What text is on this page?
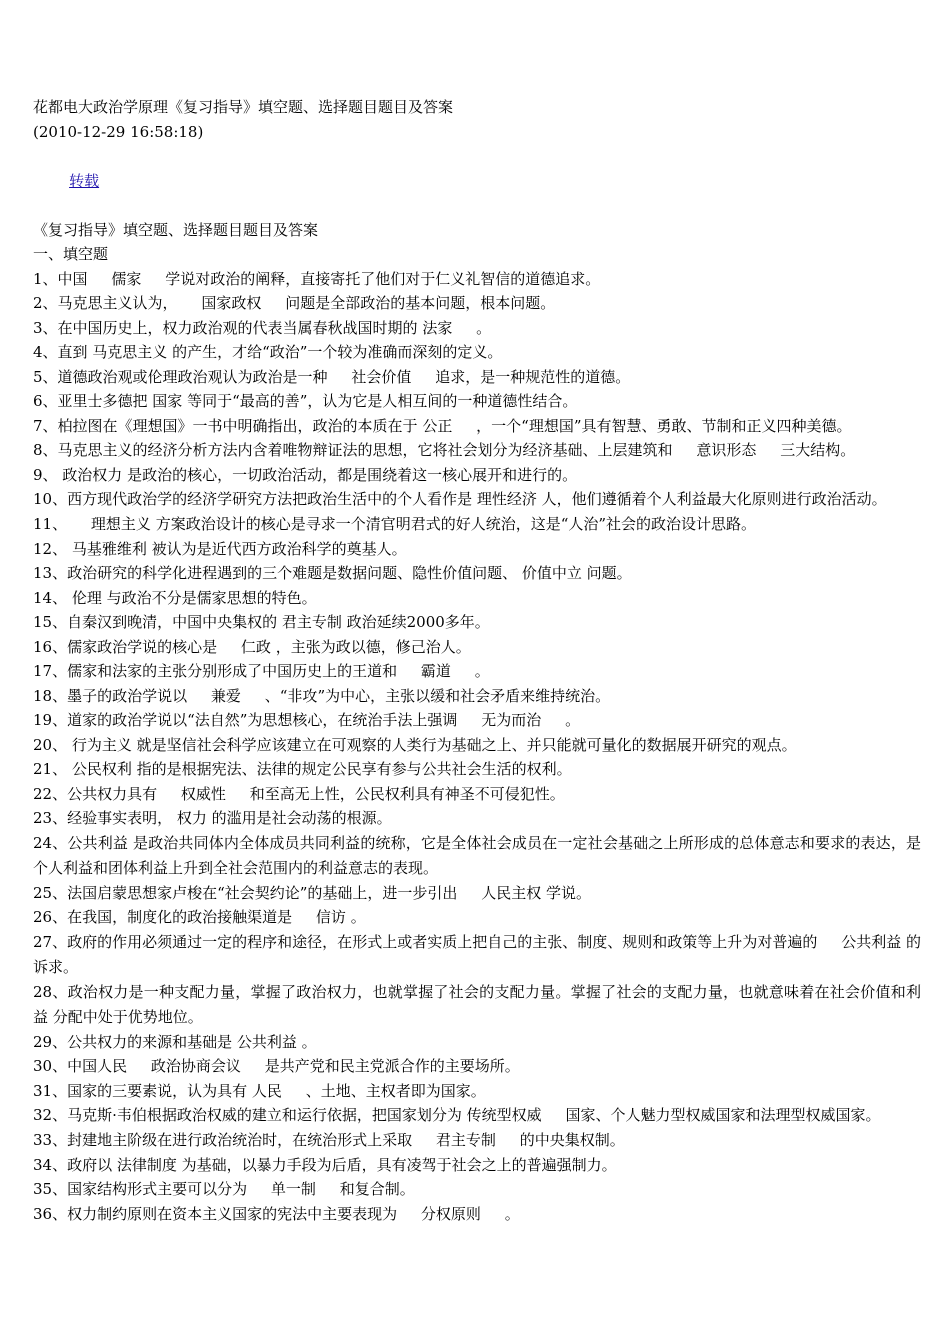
花都电大政治学原理《复习指导》填空题、选择题目题目及答案
(2010-12-29 16:58:18)

转载

《复习指导》填空题、选择题目题目及答案
一、填空题
1、中国     儒家     学说对政治的阐释，直接寄托了他们对于仁义礼智信的道德追求。
2、马克思主义认为，     国家政权     问题是全部政治的基本问题，根本问题。
3、在中国历史上，权力政治观的代表当属春秋战国时期的 法家     。
4、直到 马克思主义 的产生，才给“政治”一个较为准确而深刻的定义。
5、道德政治观或伦理政治观认为政治是一种     社会价值     追求，是一种规范性的道德。
6、亚里士多德把 国家 等同于“最高的善”，认为它是人相互间的一种道德性结合。
7、柏拉图在《理想国》一书中明确指出，政治的本质在于 公正     ，一个“理想国”具有智慧、勇敢、节制和正义四种美德。
8、马克思主义的经济分析方法内含着唯物辩证法的思想，它将社会划分为经济基础、上层建筑和     意识形态     三大结构。
9、 政治权力 是政治的核心，一切政治活动，都是围绕着这一核心展开和进行的。
10、西方现代政治学的经济学研究方法把政治生活中的个人看作是 理性经济 人，他们遵循着个人利益最大化原则进行政治活动。
11、     理想主义 方案政治设计的核心是寻求一个清官明君式的好人统治，这是“人治”社会的政治设计思路。
12、 马基雅维利 被认为是近代西方政治科学的奠基人。
13、政治研究的科学化进程遇到的三个难题是数据问题、隐性价值问题、 价值中立 问题。
14、 伦理 与政治不分是儒家思想的特色。
15、自秦汉到晚清，中国中央集权的 君主专制 政治延续2000多年。
16、儒家政治学说的核心是     仁政 ，主张为政以德，修己治人。
17、儒家和法家的主张分别形成了中国历史上的王道和     霸道     。
18、墨子的政治学说以     兼爱     、“非攻”为中心，主张以缓和社会矛盾来维持统治。
19、道家的政治学说以“法自然”为思想核心，在统治手法上强调     无为而治     。
20、 行为主义 就是坚信社会科学应该建立在可观察的人类行为基础之上、并只能就可量化的数据展开研究的观点。
21、 公民权利 指的是根据宪法、法律的规定公民享有参与公共社会生活的权利。
22、公共权力具有     权威性     和至高无上性，公民权利具有神圣不可侵犯性。
23、经验事实表明， 权力 的滥用是社会动荡的根源。
24、公共利益 是政治共同体内全体成员共同利益的统称，它是全体社会成员在一定社会基础之上所形成的总体意志和要求的表达，是个人利益和团体利益上升到全社会范围内的利益意志的表现。
25、法国启蒙思想家卢梭在“社会契约论”的基础上，进一步引出     人民主权 学说。
26、在我国，制度化的政治接触渠道是     信访 。
27、政府的作用必须通过一定的程序和途径，在形式上或者实质上把自己的主张、制度、规则和政策等上升为对普遍的     公共利益 的诉求。
28、政治权力是一种支配力量，掌握了政治权力，也就掌握了社会的支配力量。掌握了社会的支配力量，也就意味着在社会价值和利益 分配中处于优势地位。
29、公共权力的来源和基础是 公共利益 。
30、中国人民     政治协商会议     是共产党和民主党派合作的主要场所。
31、国家的三要素说，认为具有 人民     、土地、主权者即为国家。
32、马克斯·韦伯根据政治权威的建立和运行依据，把国家划分为 传统型权威     国家、个人魅力型权威国家和法理型权威国家。
33、封建地主阶级在进行政治统治时，在统治形式上采取     君主专制     的中央集权制。
34、政府以 法律制度 为基础，以暴力手段为后盾，具有凌驾于社会之上的普遍强制力。
35、国家结构形式主要可以分为     单一制     和复合制。
36、权力制约原则在资本主义国家的宪法中主要表现为     分权原则     。
